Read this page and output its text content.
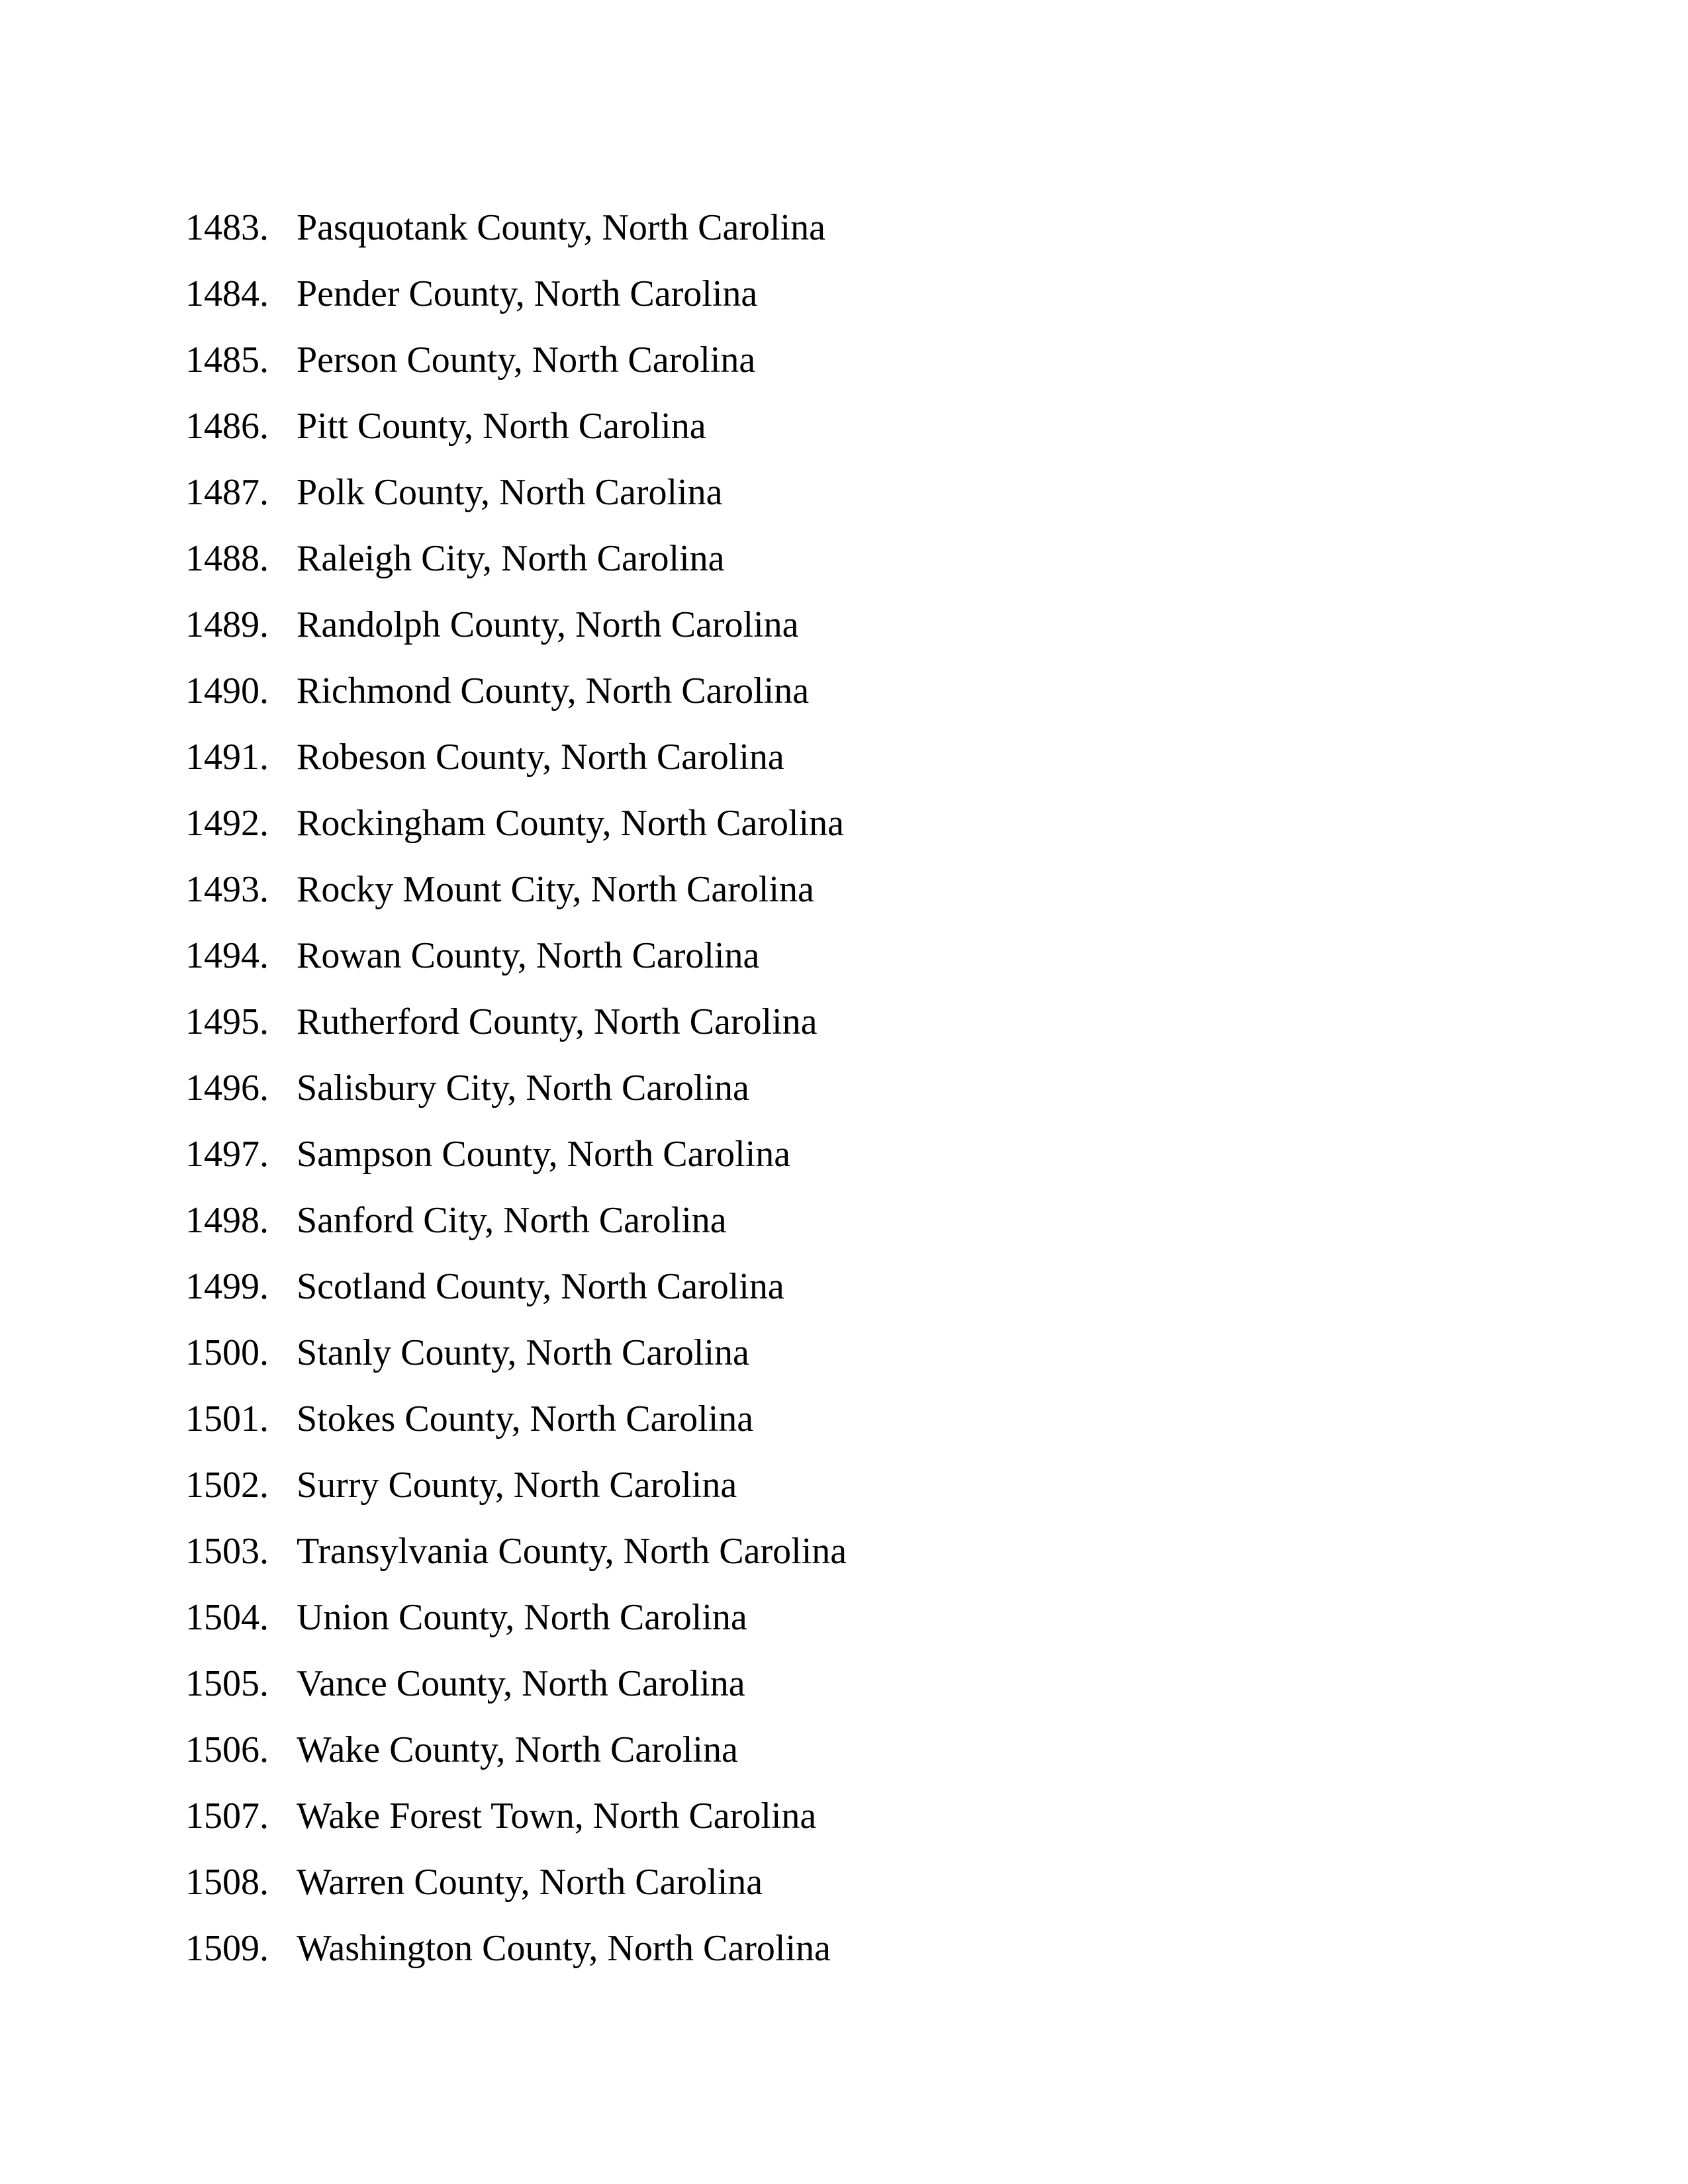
1483. Pasquotank County, North Carolina
1484. Pender County, North Carolina
1485. Person County, North Carolina
1486. Pitt County, North Carolina
1487. Polk County, North Carolina
1488. Raleigh City, North Carolina
1489. Randolph County, North Carolina
1490. Richmond County, North Carolina
1491. Robeson County, North Carolina
1492. Rockingham County, North Carolina
1493. Rocky Mount City, North Carolina
1494. Rowan County, North Carolina
1495. Rutherford County, North Carolina
1496. Salisbury City, North Carolina
1497. Sampson County, North Carolina
1498. Sanford City, North Carolina
1499. Scotland County, North Carolina
1500. Stanly County, North Carolina
1501. Stokes County, North Carolina
1502. Surry County, North Carolina
1503. Transylvania County, North Carolina
1504. Union County, North Carolina
1505. Vance County, North Carolina
1506. Wake County, North Carolina
1507. Wake Forest Town, North Carolina
1508. Warren County, North Carolina
1509. Washington County, North Carolina
